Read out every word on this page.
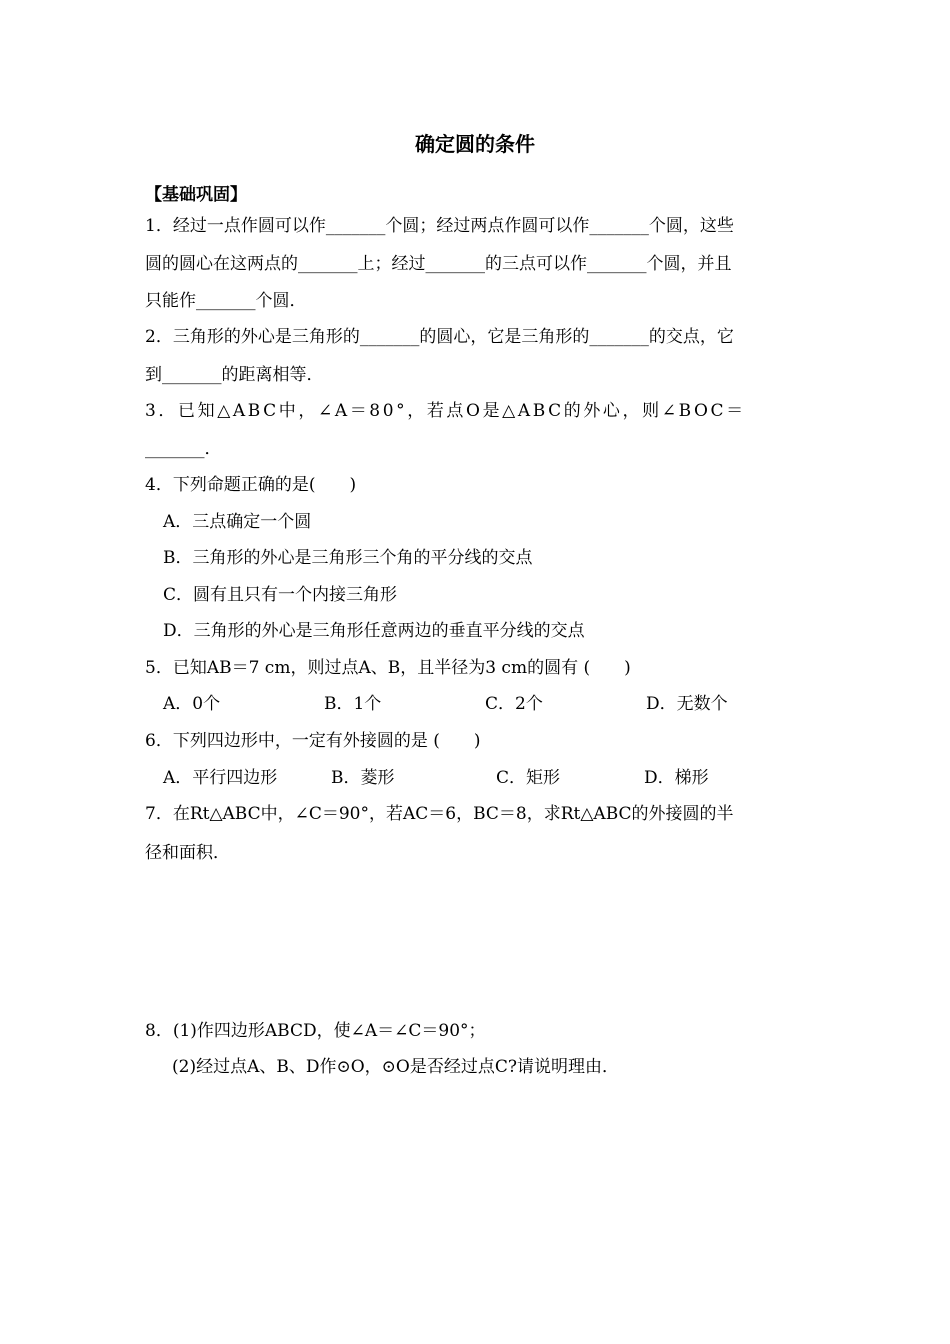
确定圆的条件
【基础巩固】
1．经过一点作圆可以作_______个圆；经过两点作圆可以作_______个圆，这些
圆的圆心在这两点的_______上；经过_______的三点可以作_______个圆，并且
只能作_______个圆．
2．三角形的外心是三角形的_______的圆心，它是三角形的_______的交点，它
到_______的距离相等．
3．已知△ABC中，∠A＝80°，若点O是△ABC的外心，则∠BOC＝
_______．
4．下列命题正确的是(　　)
A．三点确定一个圆
B．三角形的外心是三角形三个角的平分线的交点
C．圆有且只有一个内接三角形
D．三角形的外心是三角形任意两边的垂直平分线的交点
5．已知AB＝7 cm，则过点A、B，且半径为3 cm的圆有 (　　)
A．0个	B．1个	C．2个	D．无数个
6．下列四边形中，一定有外接圆的是 (　　)
A．平行四边形	B．菱形	C．矩形	D．梯形
7．在Rt△ABC中，∠C＝90°，若AC＝6，BC＝8，求Rt△ABC的外接圆的半
径和面积．
8．(1)作四边形ABCD，使∠A＝∠C＝90°；
(2)经过点A、B、D作⊙O，⊙O是否经过点C?请说明理由．
